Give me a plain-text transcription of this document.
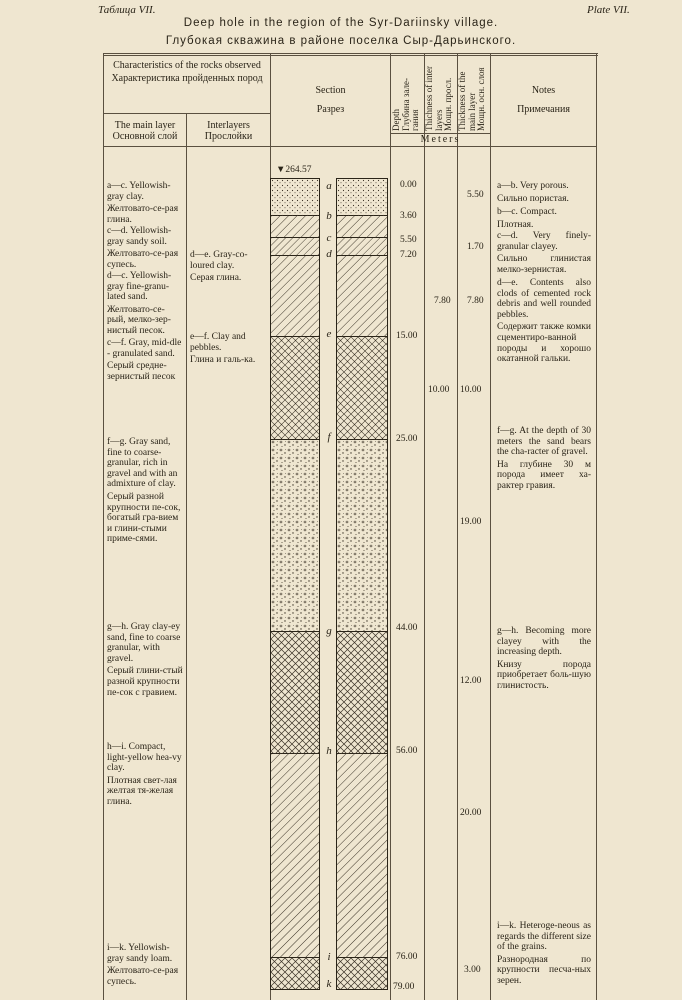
Таблица VII.	Plate VII.
Deep hole in the region of the Syr-Dariinsky village.
Глубокая скважина в районе поселка Сыр-Дарьинского.
Characteristics of the rocks observed
Характеристика пройденных пород
The main layer
Основной слой
Interlayers
Прослойки
Section
Разрез
Notes
Примечания
Depth Глубина зале- гания Thichness of inter layers Мощн. просл. Thickness of the main layer Мощн. осн. слоя
Meters
▼264.57
a
b
c
d
e
f
g
h
i
k
0.00
3.60
5.50
7.20
15.00
25.00
44.00
56.00
76.00
79.00
7.80
10.00
5.50
1.70
7.80
10.00
19.00
12.00
20.00
3.00

a—c. Yellowish-gray clay.

Желтовато-се-рая глина.

c—d. Yellowish-gray sandy soil.

Желтовато-се-рая супесь.

d—c. Yellowish-gray fine-granu-lated sand.

Желтовато-се-рый, мелко-зер-нистый песок.

c—f. Gray, mid-dle - granulated sand.

Серый средне-зернистый песок

f—g. Gray sand, fine to coarse-granular, rich in gravel and with an admixture of clay.

Серый разной крупности пе-сок, богатый гра-вием и глини-стыми приме-сями.

g—h. Gray clay-ey sand, fine to coarse granular, with gravel.

Серый глини-стый разной крупности пе-сок с гравием.

h—i. Compact, light-yellow hea-vy clay.

Плотная свет-лая желтая тя-желая глина.

i—k. Yellowish-gray sandy loam.

Желтовато-се-рая супесь.

d—e. Gray-co-loured clay.

Серая глина.

e—f. Clay and pebbles.

Глина и галь-ка.

a—b. Very porous.

Сильно пористая.

b—c. Compact.

Плотная.

c—d. Very finely-granular clayey.

Сильно глинистая мелко-зернистая.

d—e. Contents also clods of cemented rock debris and well rounded pebbles.

Содержит также комки сцементиро-ванной породы и хорошо окатанной гальки.

f—g. At the depth of 30 meters the sand bears the cha-racter of gravel.

На глубине 30 м порода имеет ха-рактер гравия.

g—h. Becoming more clayey with the increasing depth.

Книзу порода приобретает боль-шую глинистость.

i—k. Heteroge-neous as regards the different size of the grains.

Разнородная по крупности песча-ных зерен.
